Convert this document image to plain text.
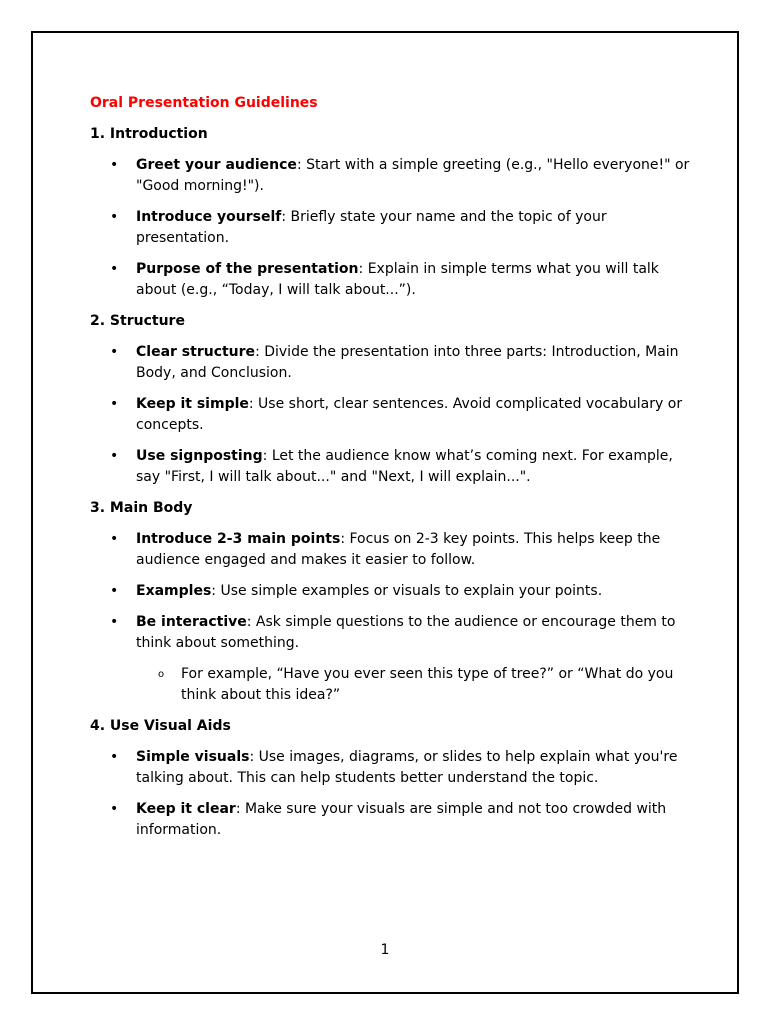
Oral Presentation Guidelines
1. Introduction
• Greet your audience: Start with a simple greeting (e.g., "Hello everyone!" or "Good morning!").
• Introduce yourself: Briefly state your name and the topic of your presentation.
• Purpose of the presentation: Explain in simple terms what you will talk about (e.g., “Today, I will talk about...”).
2. Structure
• Clear structure: Divide the presentation into three parts: Introduction, Main Body, and Conclusion.
• Keep it simple: Use short, clear sentences. Avoid complicated vocabulary or concepts.
• Use signposting: Let the audience know what’s coming next. For example, say "First, I will talk about..." and "Next, I will explain...".
3. Main Body
• Introduce 2-3 main points: Focus on 2-3 key points. This helps keep the audience engaged and makes it easier to follow.
• Examples: Use simple examples or visuals to explain your points.
• Be interactive: Ask simple questions to the audience or encourage them to think about something.
o For example, “Have you ever seen this type of tree?” or “What do you think about this idea?”
4. Use Visual Aids
• Simple visuals: Use images, diagrams, or slides to help explain what you're talking about. This can help students better understand the topic.
• Keep it clear: Make sure your visuals are simple and not too crowded with information.
1
